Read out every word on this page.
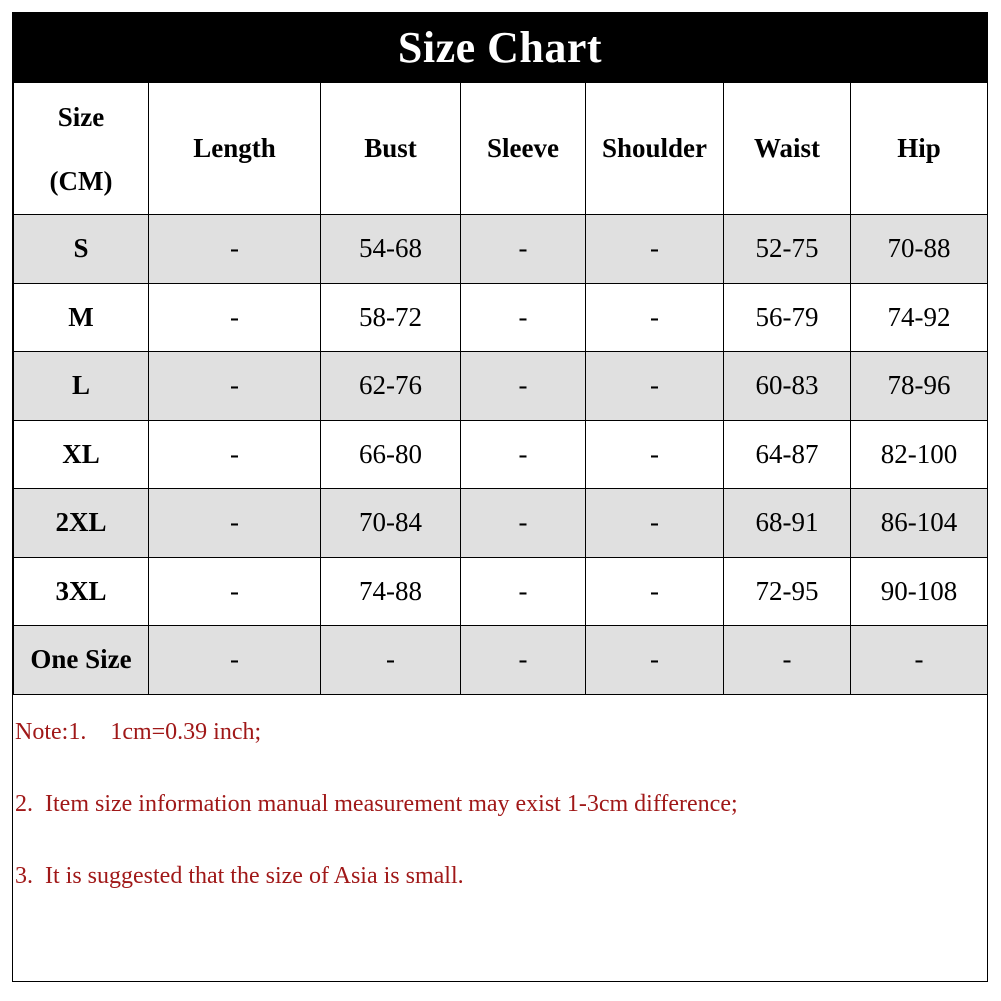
Size Chart
Size
(CM)	Length	Bust	Sleeve	Shoulder	Waist	Hip
S	-	54-68	-	-	52-75	70-88
M	-	58-72	-	-	56-79	74-92
L	-	62-76	-	-	60-83	78-96
XL	-	66-80	-	-	64-87	82-100
2XL	-	70-84	-	-	68-91	86-104
3XL	-	74-88	-	-	72-95	90-108
One Size	-	-	-	-	-	-
Note:1.    1cm=0.39 inch;
2.  Item size information manual measurement may exist 1-3cm difference;
3.  It is suggested that the size of Asia is small.
